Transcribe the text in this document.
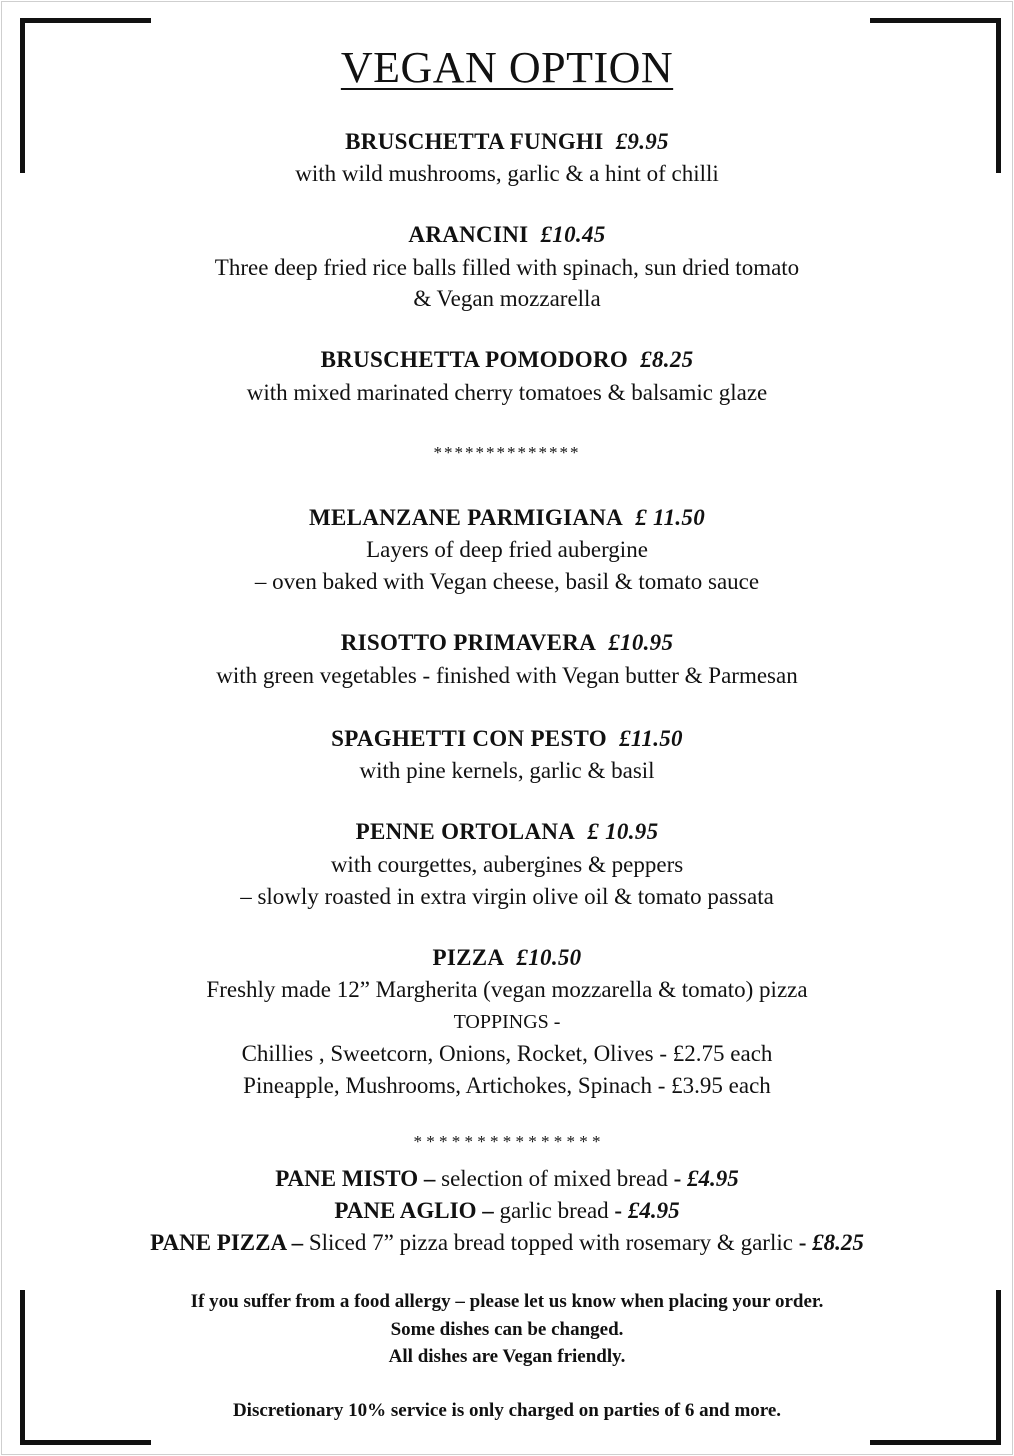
VEGAN OPTION
BRUSCHETTA FUNGHI £9.95
with wild mushrooms, garlic & a hint of chilli
ARANCINI £10.45
Three deep fried rice balls filled with spinach, sun dried tomato
& Vegan mozzarella
BRUSCHETTA POMODORO £8.25
with mixed marinated cherry tomatoes & balsamic glaze
**************
MELANZANE PARMIGIANA £ 11.50
Layers of deep fried aubergine
– oven baked with Vegan cheese, basil & tomato sauce
RISOTTO PRIMAVERA £10.95
with green vegetables - finished with Vegan butter & Parmesan
SPAGHETTI CON PESTO £11.50
with pine kernels, garlic & basil
PENNE ORTOLANA £ 10.95
with courgettes, aubergines & peppers
– slowly roasted in extra virgin olive oil & tomato passata
PIZZA £10.50
Freshly made 12” Margherita (vegan mozzarella & tomato) pizza
TOPPINGS -
Chillies , Sweetcorn, Onions, Rocket, Olives - £2.75 each
Pineapple, Mushrooms, Artichokes, Spinach - £3.95 each
* * * * * * * * * * * * * * *
PANE MISTO – selection of mixed bread - £4.95
PANE AGLIO – garlic bread - £4.95
PANE PIZZA – Sliced 7” pizza bread topped with rosemary & garlic - £8.25
If you suffer from a food allergy – please let us know when placing your order.
Some dishes can be changed.
All dishes are Vegan friendly.
Discretionary 10% service is only charged on parties of 6 and more.
